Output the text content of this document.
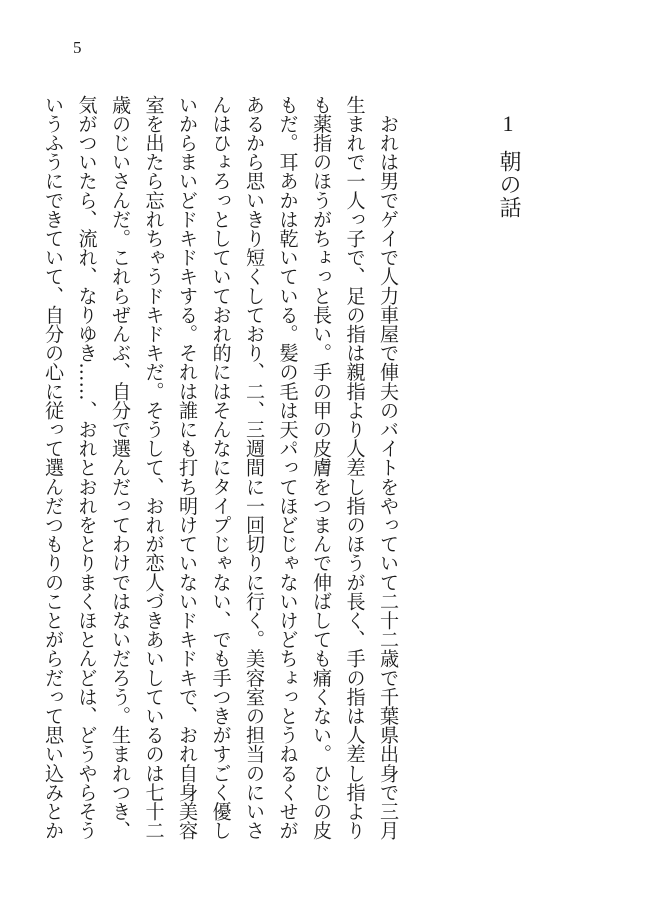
5
1
朝の話

　おれは男でゲイで人力車屋で俥夫のバイトをやっていて二十二歳で千葉県出身で三月

生まれで一人っ子で、足の指は親指より人差し指のほうが長く、手の指は人差し指より

も薬指のほうがちょっと長い。手の甲の皮膚をつまんで伸ばしても痛くない。ひじの皮

もだ。耳あかは乾いている。髪の毛は天パってほどじゃないけどちょっとうねるくせが

あるから思いきり短くしており、二、三週間に一回切りに行く。美容室の担当のにいさ

んはひょろっとしていておれ的にはそんなにタイプじゃない、でも手つきがすごく優し

いからまいどドキドキする。それは誰にも打ち明けていないドキドキで、おれ自身美容

室を出たら忘れちゃうドキドキだ。そうして、おれが恋人づきあいしているのは七十二

歳のじいさんだ。これらぜんぶ、自分で選んだってわけではないだろう。生まれつき、

気がついたら、流れ、なりゆき……、おれとおれをとりまくほとんどは、どうやらそう

いうふうにできていて、自分の心に従って選んだつもりのことがらだって思い込みとか
